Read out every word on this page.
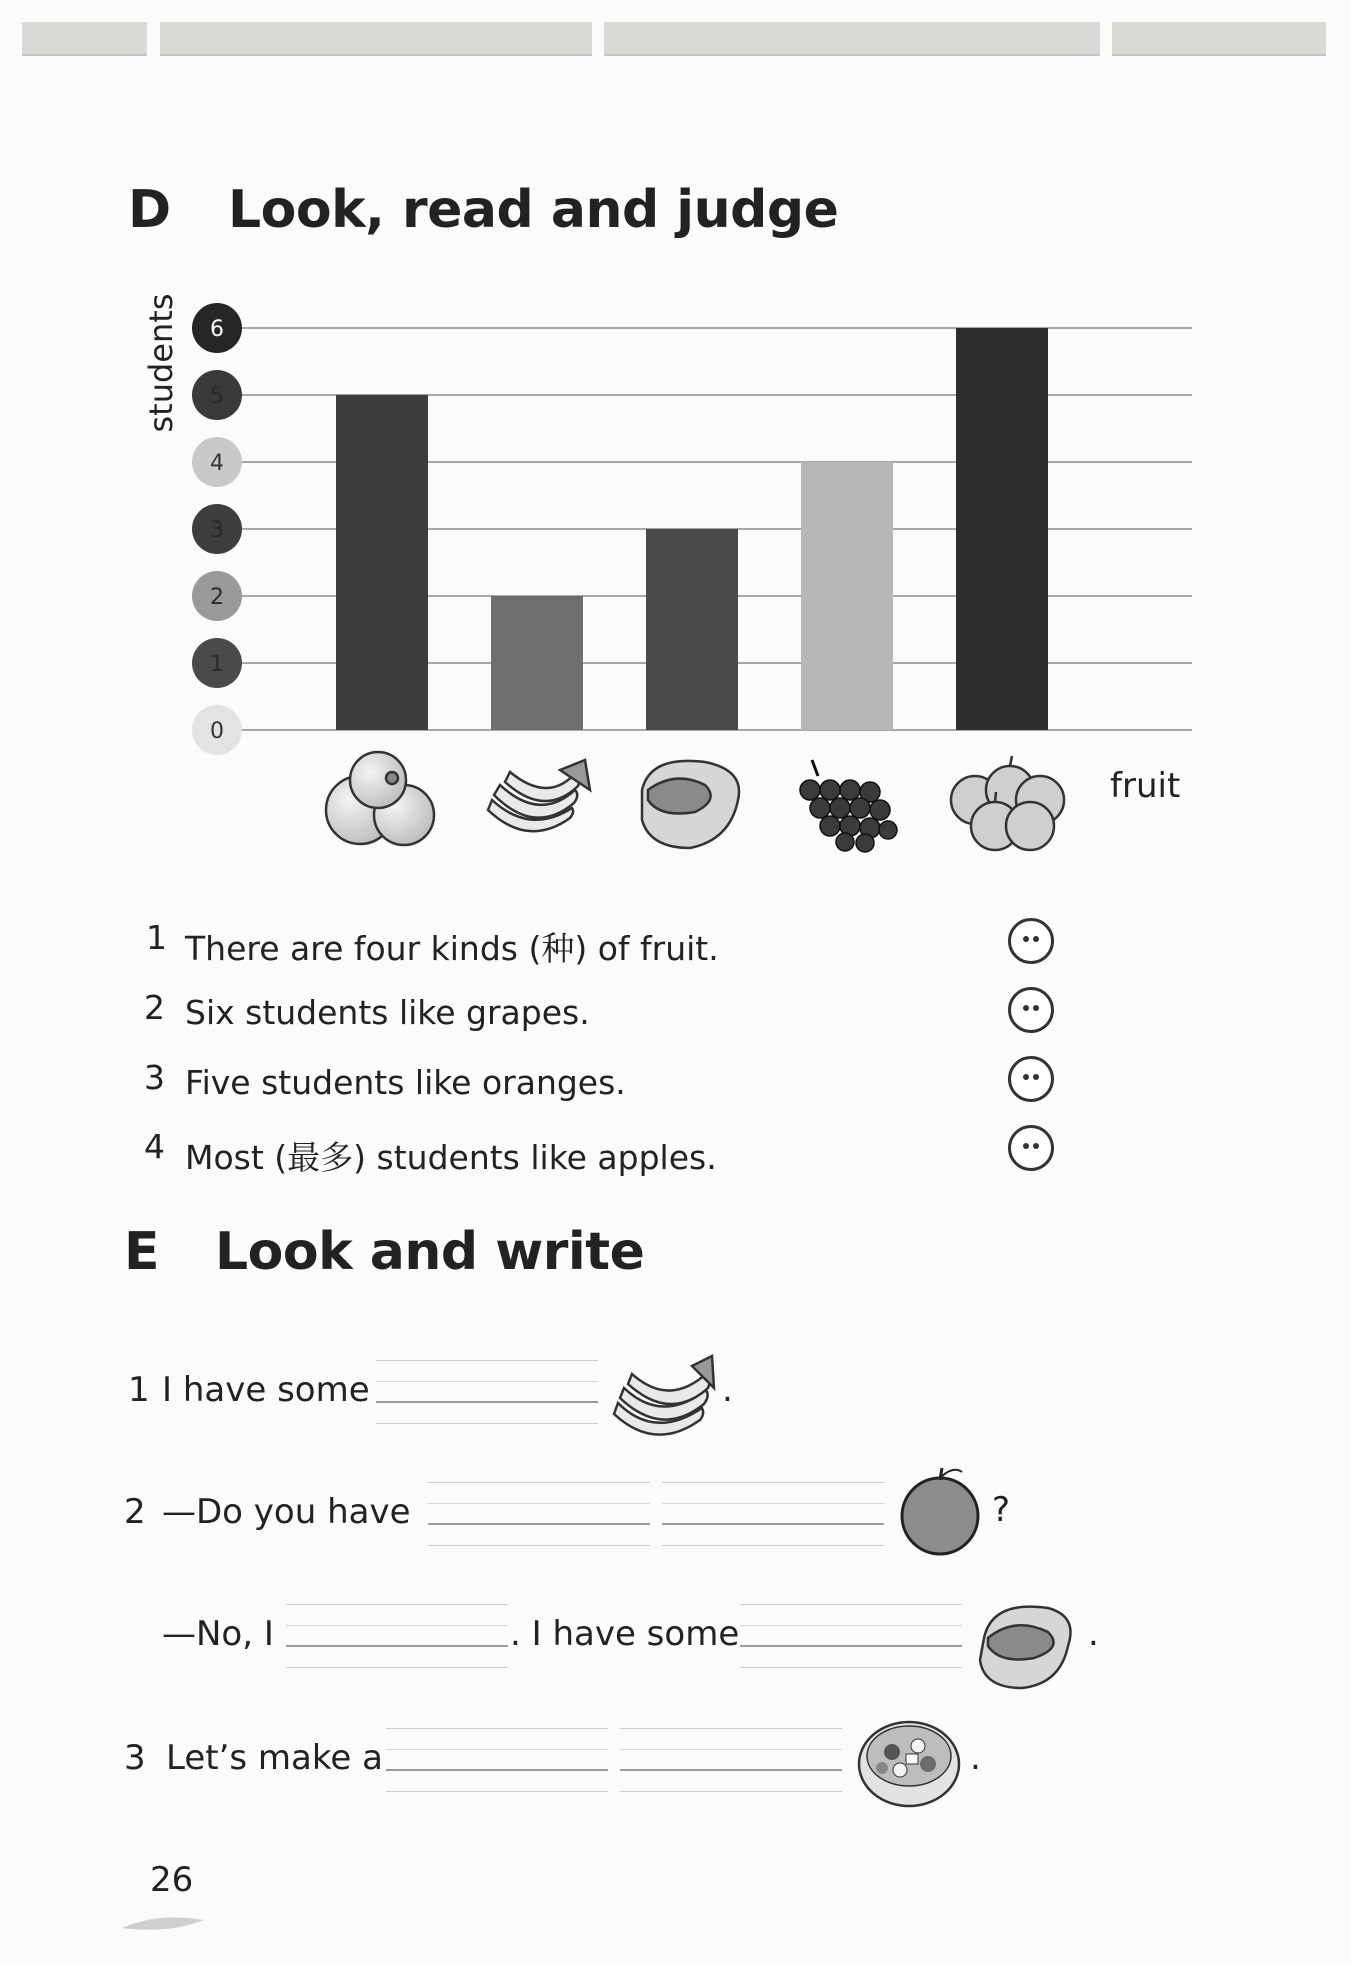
D Look, read and judge
0
1
2
3
4
5
6
students
fruit
1 There are four kinds (种) of fruit.
2 Six students like grapes.
3 Five students like oranges.
4 Most (最多) students like apples.
E Look and write
1 I have some	.
2 —Do you have	?
—No, I	. I have some	.
3 Let’s make a	.
26
